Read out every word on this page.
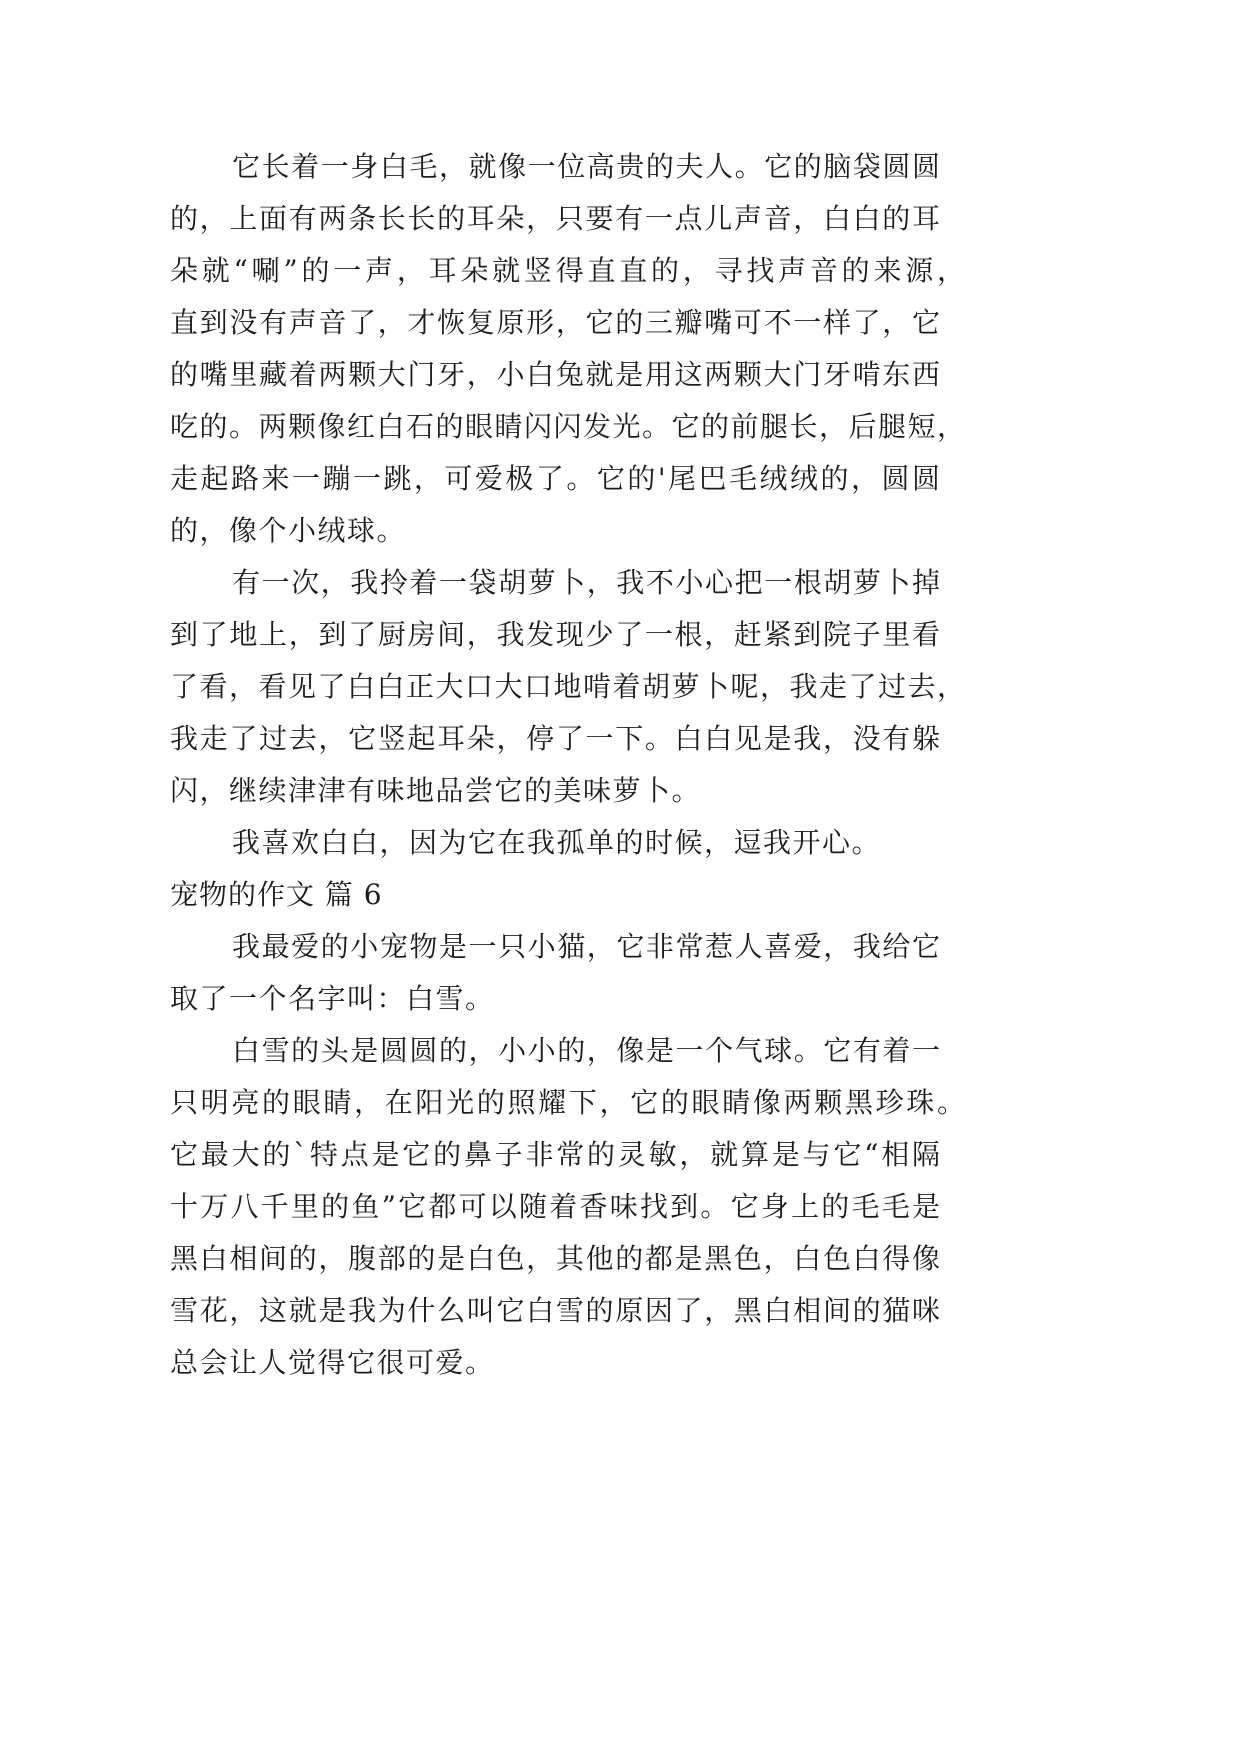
它长着一身白毛，就像一位高贵的夫人。它的脑袋圆圆
的，上面有两条长长的耳朵，只要有一点儿声音，白白的耳
朵就“唰”的一声，耳朵就竖得直直的，寻找声音的来源，
直到没有声音了，才恢复原形，它的三瓣嘴可不一样了，它
的嘴里藏着两颗大门牙，小白兔就是用这两颗大门牙啃东西
吃的。两颗像红白石的眼睛闪闪发光。它的前腿长，后腿短，
走起路来一蹦一跳，可爱极了。它的'尾巴毛绒绒的，圆圆
的，像个小绒球。
有一次，我拎着一袋胡萝卜，我不小心把一根胡萝卜掉
到了地上，到了厨房间，我发现少了一根，赶紧到院子里看
了看，看见了白白正大口大口地啃着胡萝卜呢，我走了过去，
我走了过去，它竖起耳朵，停了一下。白白见是我，没有躲
闪，继续津津有味地品尝它的美味萝卜。
我喜欢白白，因为它在我孤单的时候，逗我开心。
宠物的作文 篇 6
我最爱的小宠物是一只小猫，它非常惹人喜爱，我给它
取了一个名字叫：白雪。
白雪的头是圆圆的，小小的，像是一个气球。它有着一
只明亮的眼睛，在阳光的照耀下，它的眼睛像两颗黑珍珠。
它最大的`特点是它的鼻子非常的灵敏，就算是与它“相隔
十万八千里的鱼”它都可以随着香味找到。它身上的毛毛是
黑白相间的，腹部的是白色，其他的都是黑色，白色白得像
雪花，这就是我为什么叫它白雪的原因了，黑白相间的猫咪
总会让人觉得它很可爱。
